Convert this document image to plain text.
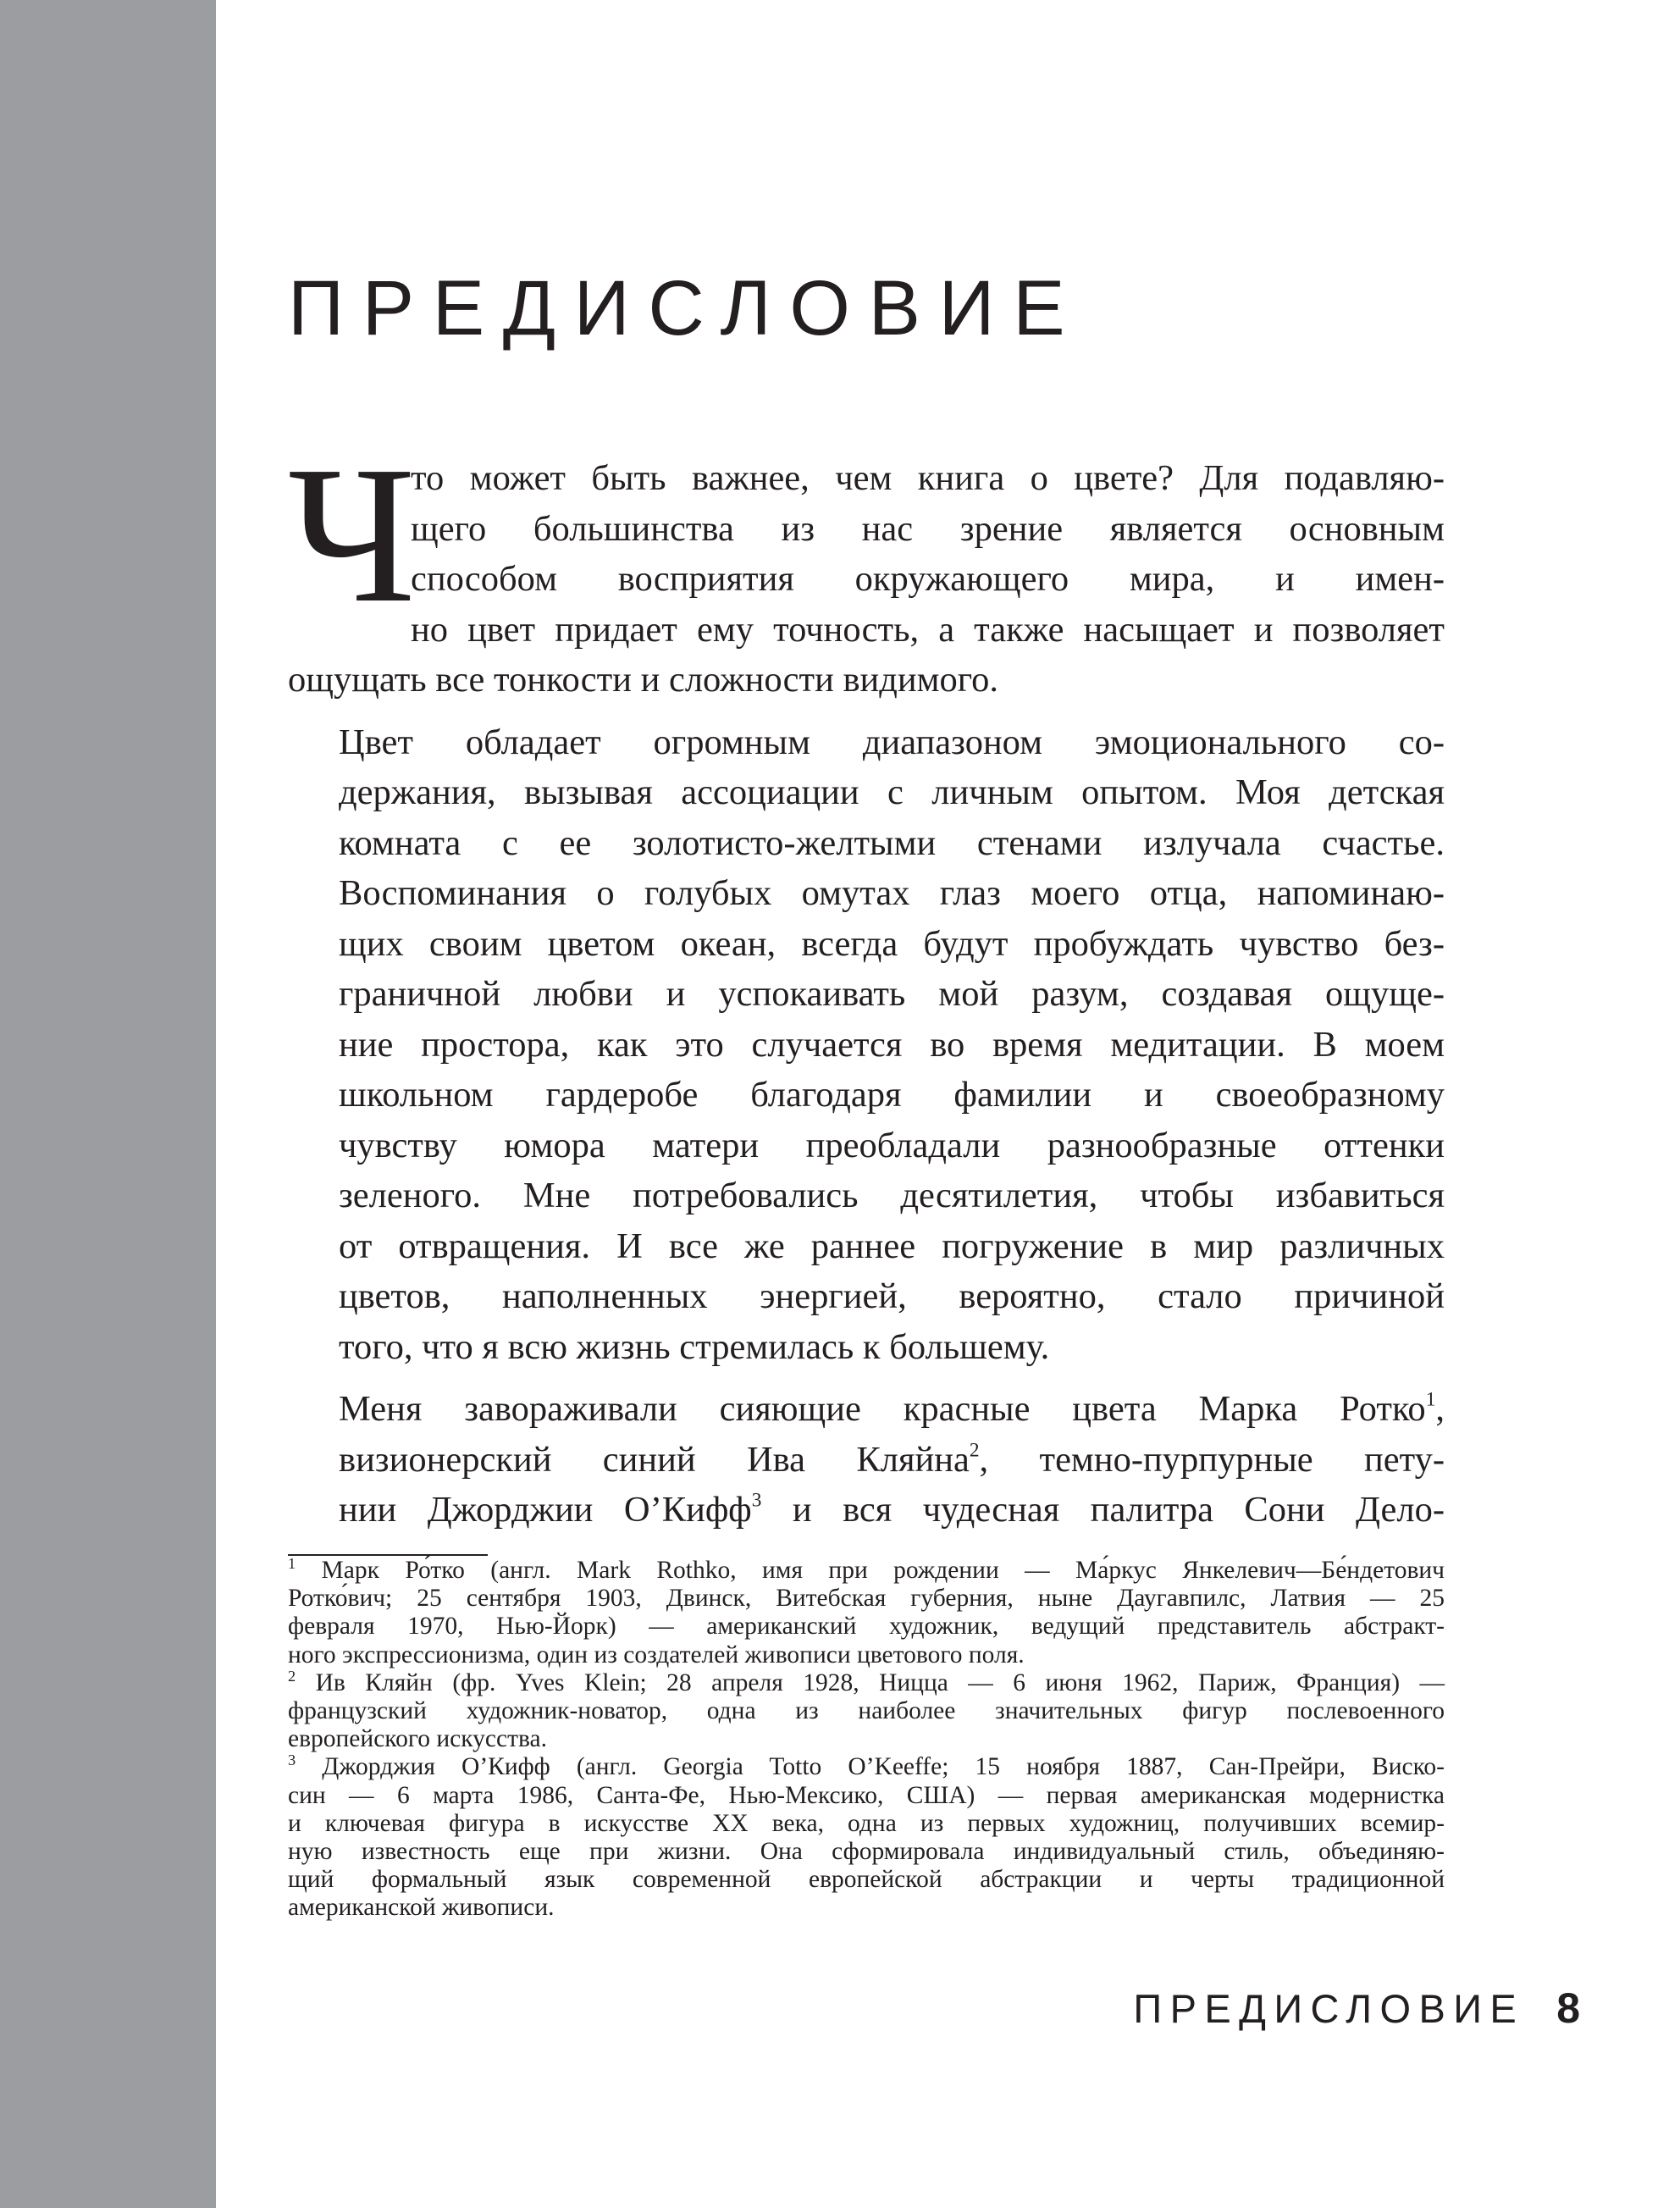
ПРЕДИСЛОВИЕ

Ч
то может быть важнее, чем книга о цвете? Для подавляю-
щего большинства из нас зрение является основным
способом восприятия окружающего мира, и имен-
но цвет придает ему точность, а также насыщает и позволяет
ощущать все тонкости и сложности видимого.

Цвет обладает огромным диапазоном эмоционального со-
держания, вызывая ассоциации с личным опытом. Моя детская
комната с ее золотисто-желтыми стенами излучала счастье.
Воспоминания о голубых омутах глаз моего отца, напоминаю-
щих своим цветом океан, всегда будут пробуждать чувство без-
граничной любви и успокаивать мой разум, создавая ощуще-
ние простора, как это случается во время медитации. В моем
школьном гардеробе благодаря фамилии и своеобразному
чувству юмора матери преобладали разнообразные оттенки
зеленого. Мне потребовались десятилетия, чтобы избавиться
от отвращения. И все же раннее погружение в мир различных
цветов, наполненных энергией, вероятно, стало причиной
того, что я всю жизнь стремилась к большему.

Меня завораживали сияющие красные цвета Марка Ротко$^1$,
визионерский синий Ива Кляйна$^2$, темно-пурпурные пету-
нии Джорджии О’Кифф$^3$ и вся чудесная палитра Сони Дело-

$^1$ Марк Ро́тко (англ. Mark Rothko, имя при рождении — Ма́ркус Янкелевич—Бе́ндетович
Ротко́вич; 25 сентября 1903, Двинск, Витебская губерния, ныне Даугавпилс, Латвия — 25
февраля 1970, Нью-Йорк) — американский художник, ведущий представитель абстракт-
ного экспрессионизма, один из создателей живописи цветового поля.

$^2$ Ив Кляйн (фр. Yves Klein; 28 апреля 1928, Ницца — 6 июня 1962, Париж, Франция) —
французский художник-новатор, одна из наиболее значительных фигур послевоенного
европейского искусства.

$^3$ Джорджия О’Кифф (англ. Georgia Totto O’Keeffe; 15 ноября 1887, Сан-Прейри, Виско-
син — 6 марта 1986, Санта-Фе, Нью-Мексико, США) — первая американская модернистка
и ключевая фигура в искусстве XX века, одна из первых художниц, получивших всемир-
ную известность еще при жизни. Она сформировала индивидуальный стиль, объединяю-
щий формальный язык современной европейской абстракции и черты традиционной
американской живописи.

ПРЕДИСЛОВИЕ 8
